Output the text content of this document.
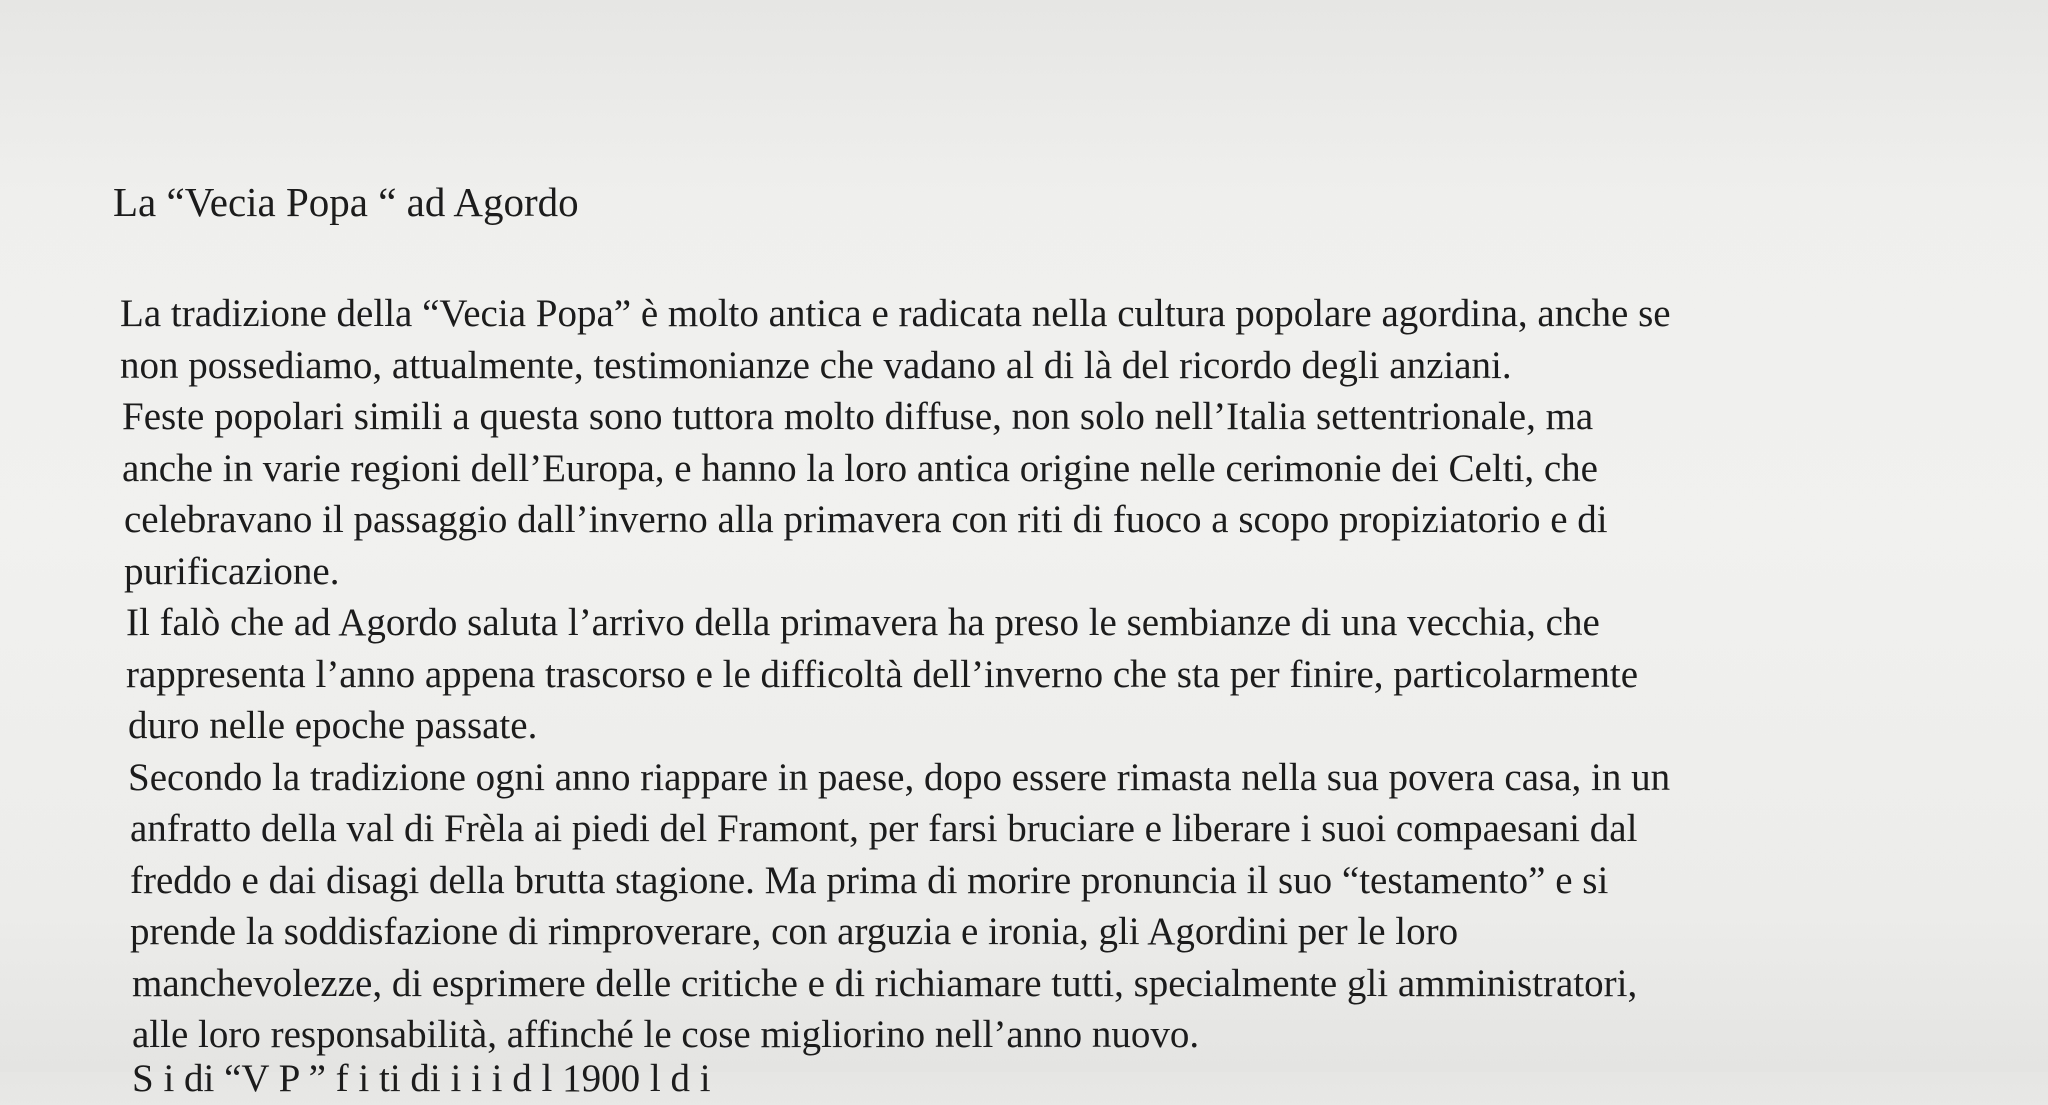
La “Vecia Popa “ ad Agordo
La tradizione della “Vecia Popa” è molto antica e radicata nella cultura popolare agordina, anche se
non possediamo, attualmente, testimonianze che vadano al di là del ricordo degli anziani.
Feste popolari simili a questa sono tuttora molto diffuse, non solo nell’Italia settentrionale, ma
anche in varie regioni dell’Europa, e hanno la loro antica origine nelle cerimonie dei Celti, che
celebravano il passaggio dall’inverno alla primavera con riti di fuoco a scopo propiziatorio e di
purificazione.
Il falò che ad Agordo saluta l’arrivo della primavera ha preso le sembianze di una vecchia, che
rappresenta l’anno appena trascorso e le difficoltà dell’inverno che sta per finire, particolarmente
duro nelle epoche passate.
Secondo la tradizione ogni anno riappare in paese, dopo essere rimasta nella sua povera casa, in un
anfratto della val di Frèla ai piedi del Framont, per farsi bruciare e liberare i suoi compaesani dal
freddo e dai disagi della brutta stagione. Ma prima di morire pronuncia il suo “testamento” e si
prende la soddisfazione di rimproverare, con arguzia e ironia, gli Agordini per le loro
manchevolezze, di esprimere delle critiche e di richiamare tutti, specialmente gli amministratori,
alle loro responsabilità, affinché le cose migliorino nell’anno nuovo.
S i di “V P ” f i ti di i i i d l 1900 l d i
